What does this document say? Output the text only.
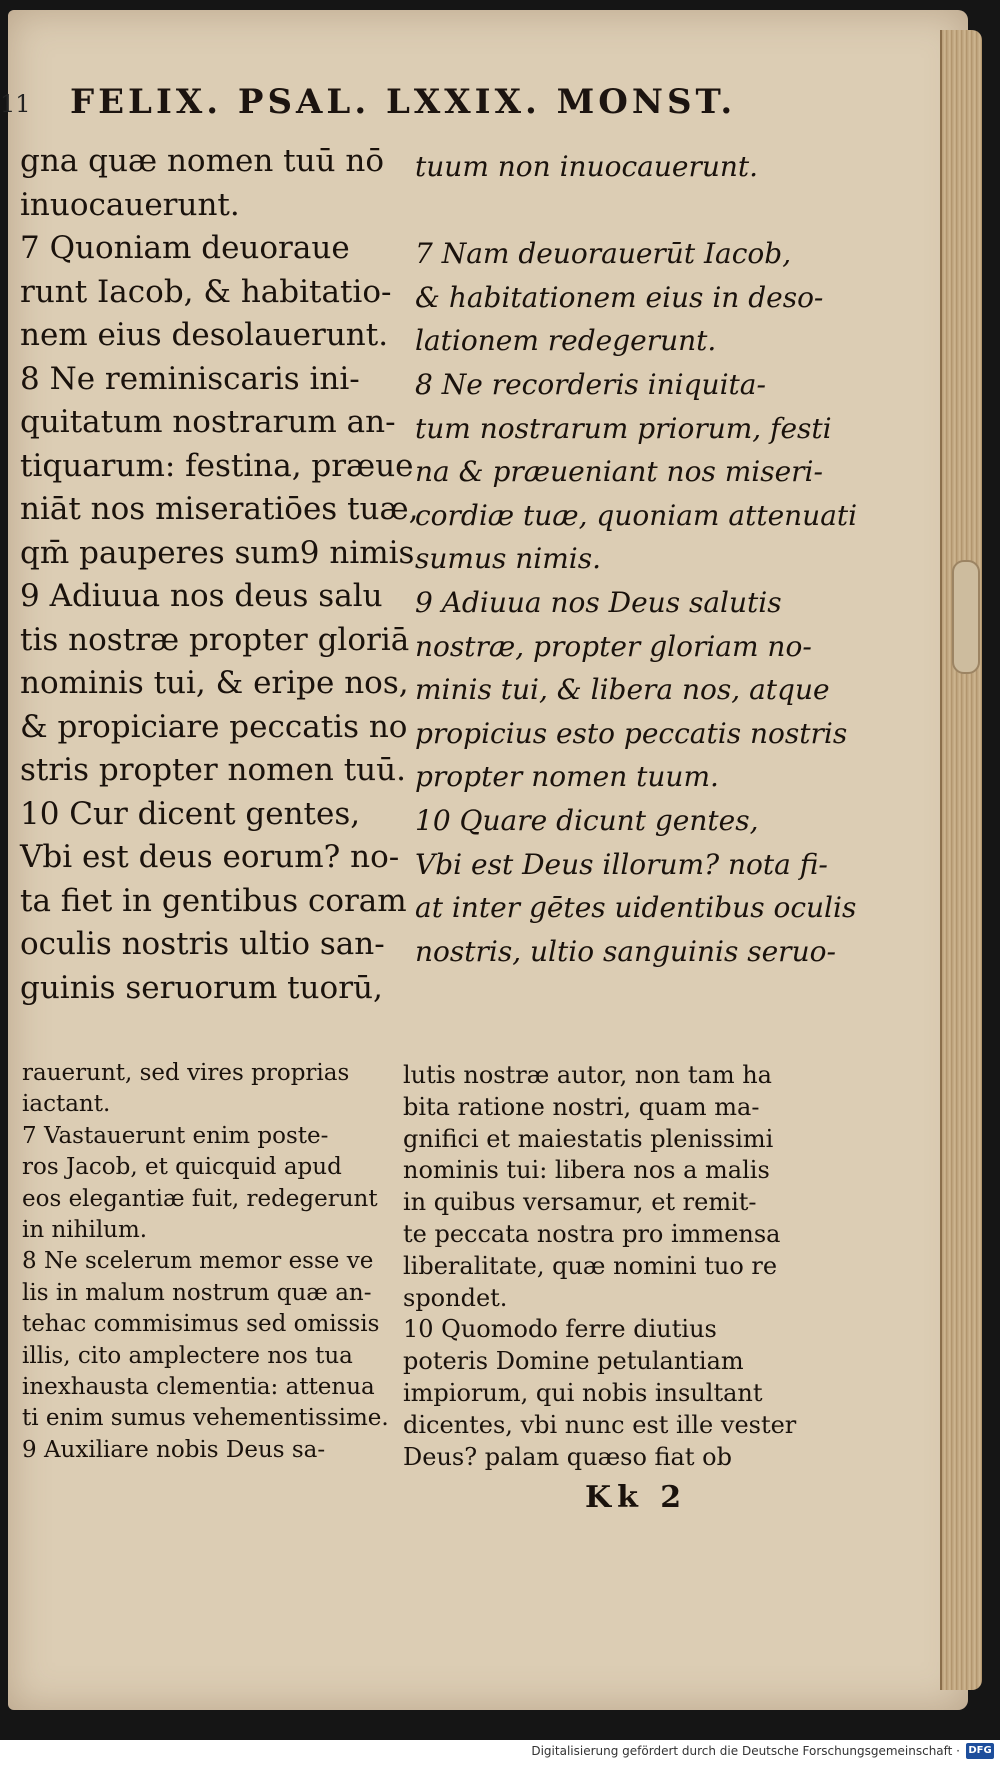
11 FELIX. PSAL. LXXIX. MONST.
gna quæ nomen tuū nō
inuocauerunt.
7 Quoniam deuoraue
runt Iacob, & habitatio-
nem eius desolauerunt.
8 Ne reminiscaris ini-
quitatum nostrarum an-
tiquarum: festina, præue
niāt nos miseratiōes tuæ,
qm̄ pauperes sum9 nimis
9 Adiuua nos deus salu
tis nostræ propter gloriā
nominis tui, & eripe nos,
& propiciare peccatis no
stris propter nomen tuū.
10 Cur dicent gentes,
Vbi est deus eorum? no-
ta fiet in gentibus coram
oculis nostris ultio san-
guinis seruorum tuorū,
tuum non inuocauerunt.

7 Nam deuorauerūt Iacob,
& habitationem eius in deso-
lationem redegerunt.
8 Ne recorderis iniquita-
tum nostrarum priorum, festi
na & præueniant nos miseri-
cordiæ tuæ, quoniam attenuati
sumus nimis.
9 Adiuua nos Deus salutis
nostræ, propter gloriam no-
minis tui, & libera nos, atque
propicius esto peccatis nostris
propter nomen tuum.
10 Quare dicunt gentes,
Vbi est Deus illorum? nota fi-
at inter gētes uidentibus oculis
nostris, ultio sanguinis seruo-
rauerunt, sed vires proprias
iactant.
7 Vastauerunt enim poste-
ros Jacob, et quicquid apud
eos elegantiæ fuit, redegerunt
in nihilum.
8 Ne scelerum memor esse ve
lis in malum nostrum quæ an-
tehac commisimus sed omissis
illis, cito amplectere nos tua
inexhausta clementia: attenua
ti enim sumus vehementissime.
9 Auxiliare nobis Deus sa-
lutis nostræ autor, non tam ha
bita ratione nostri, quam ma-
gnifici et maiestatis plenissimi
nominis tui: libera nos a malis
in quibus versamur, et remit-
te peccata nostra pro immensa
liberalitate, quæ nomini tuo re
spondet.
10 Quomodo ferre diutius
poteris Domine petulantiam
impiorum, qui nobis insultant
dicentes, vbi nunc est ille vester
Deus? palam quæso fiat ob
Kk 2
Digitalisierung gefördert durch die Deutsche Forschungsgemeinschaft · DFG
